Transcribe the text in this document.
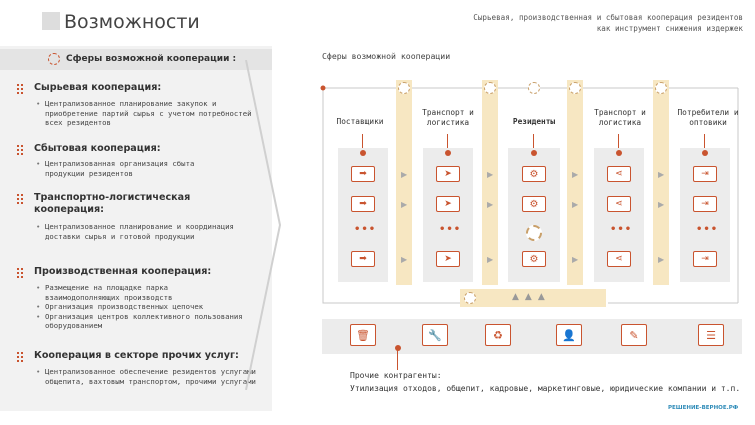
Возможности	Сырьевая, производственная и сбытовая кооперация резидентов
как инструмент снижения издержек
Сферы возможной кооперации :
Сырьевая кооперация:
• Централизованное планирование закупок и приобретение партий сырья с учетом потребностей всех резидентов
Сбытовая кооперация:
• Централизованная организация сбыта продукции резидентов
Транспортно-логистическая кооперация:
• Централизованное планирование и координация доставки сырья и готовой продукции
Производственная кооперация:
• Размещение на площадке парка взаимодополняющих производств
• Организация производственных цепочек
• Организация центров коллективного пользования оборудованием
Кооперация в секторе прочих услуг:
• Централизованное обеспечение резидентов услугами общепита, вахтовым транспортом, прочими услугами
Сферы возможной кооперации
▲▲▲
Поставщики
Транспорт и логистика	Резиденты
Транспорт и логистика
Потребители и оптовики
➡
➡
•••
➡
➤
➤
•••
➤
⚙
⚙
⚙
⋖
⋖
•••
⋖
⇥
⇥
•••
⇥
▶
▶
▶
▶
▶
▶
▶
▶
▶
▶
▶
▶
🗑	🔧	♻	👤	✎	☰
Прочие контрагенты:
Утилизация отходов, общепит, кадровые, маркетинговые, юридические компании и т.п.
РЕШЕНИЕ-ВЕРНОЕ.РФ
